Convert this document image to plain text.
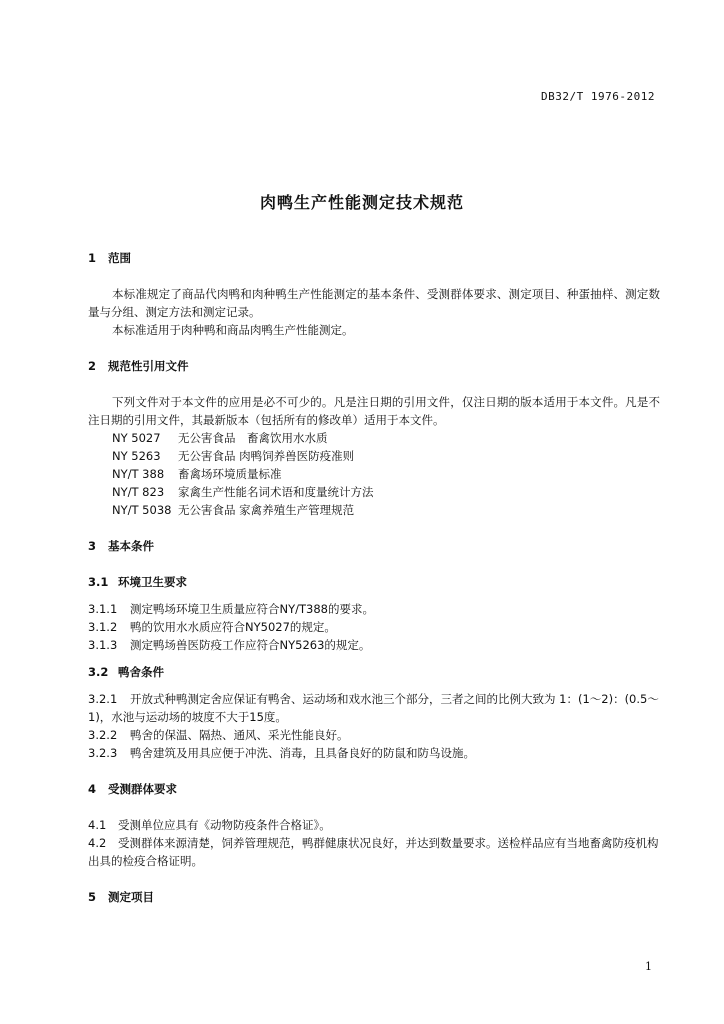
DB32/T 1976-2012
肉鸭生产性能测定技术规范
1 范围

本标准规定了商品代肉鸭和肉种鸭生产性能测定的基本条件、受测群体要求、测定项目、种蛋抽样、测定数量与分组、测定方法和测定记录。

本标准适用于肉种鸭和商品肉鸭生产性能测定。

2 规范性引用文件

下列文件对于本文件的应用是必不可少的。凡是注日期的引用文件，仅注日期的版本适用于本文件。凡是不注日期的引用文件，其最新版本（包括所有的修改单）适用于本文件。

NY 5027 无公害食品　畜禽饮用水水质

NY 5263 无公害食品 肉鸭饲养兽医防疫准则

NY/T 388 畜禽场环境质量标准

NY/T 823 家禽生产性能名词术语和度量统计方法

NY/T 5038 无公害食品 家禽养殖生产管理规范

3 基本条件
3.1 环境卫生要求

3.1.1 测定鸭场环境卫生质量应符合NY/T388的要求。

3.1.2 鸭的饮用水水质应符合NY5027的规定。

3.1.3 测定鸭场兽医防疫工作应符合NY5263的规定。

3.2 鸭舍条件

3.2.1 开放式种鸭测定舍应保证有鸭舍、运动场和戏水池三个部分，三者之间的比例大致为 1：(1～2)：(0.5～1)，水池与运动场的坡度不大于15度。

3.2.2 鸭舍的保温、隔热、通风、采光性能良好。

3.2.3 鸭舍建筑及用具应便于冲洗、消毒，且具备良好的防鼠和防鸟设施。

4 受测群体要求

4.1 受测单位应具有《动物防疫条件合格证》。

4.2 受测群体来源清楚，饲养管理规范，鸭群健康状况良好，并达到数量要求。送检样品应有当地畜禽防疫机构出具的检疫合格证明。

5 测定项目
1
